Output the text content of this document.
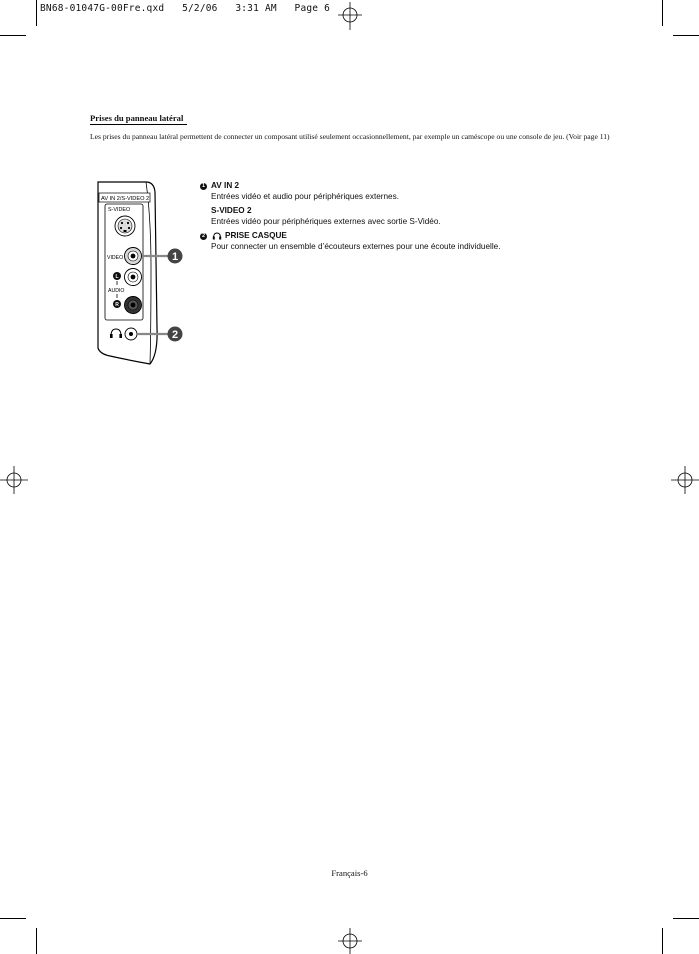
BN68-01047G-00Fre.qxd   5/2/06   3:31 AM   Page 6
Prises du panneau latéral
Les prises du panneau latéral permettent de connecter un composant utilisé seulement occasionnellement, par exemple un caméscope ou une console de jeu. (Voir page 11)
AV IN 2/S-VIDEO 2
S-VIDEO
VIDEO
L
AUDIO
R
1
2
1 AV IN 2
Entrées vidéo et audio pour périphériques externes.
S-VIDEO 2
Entrées vidéo pour périphériques externes avec sortie S-Vidéo.
2 PRISE CASQUE
Pour connecter un ensemble d’écouteurs externes pour une écoute individuelle.
Français-6
